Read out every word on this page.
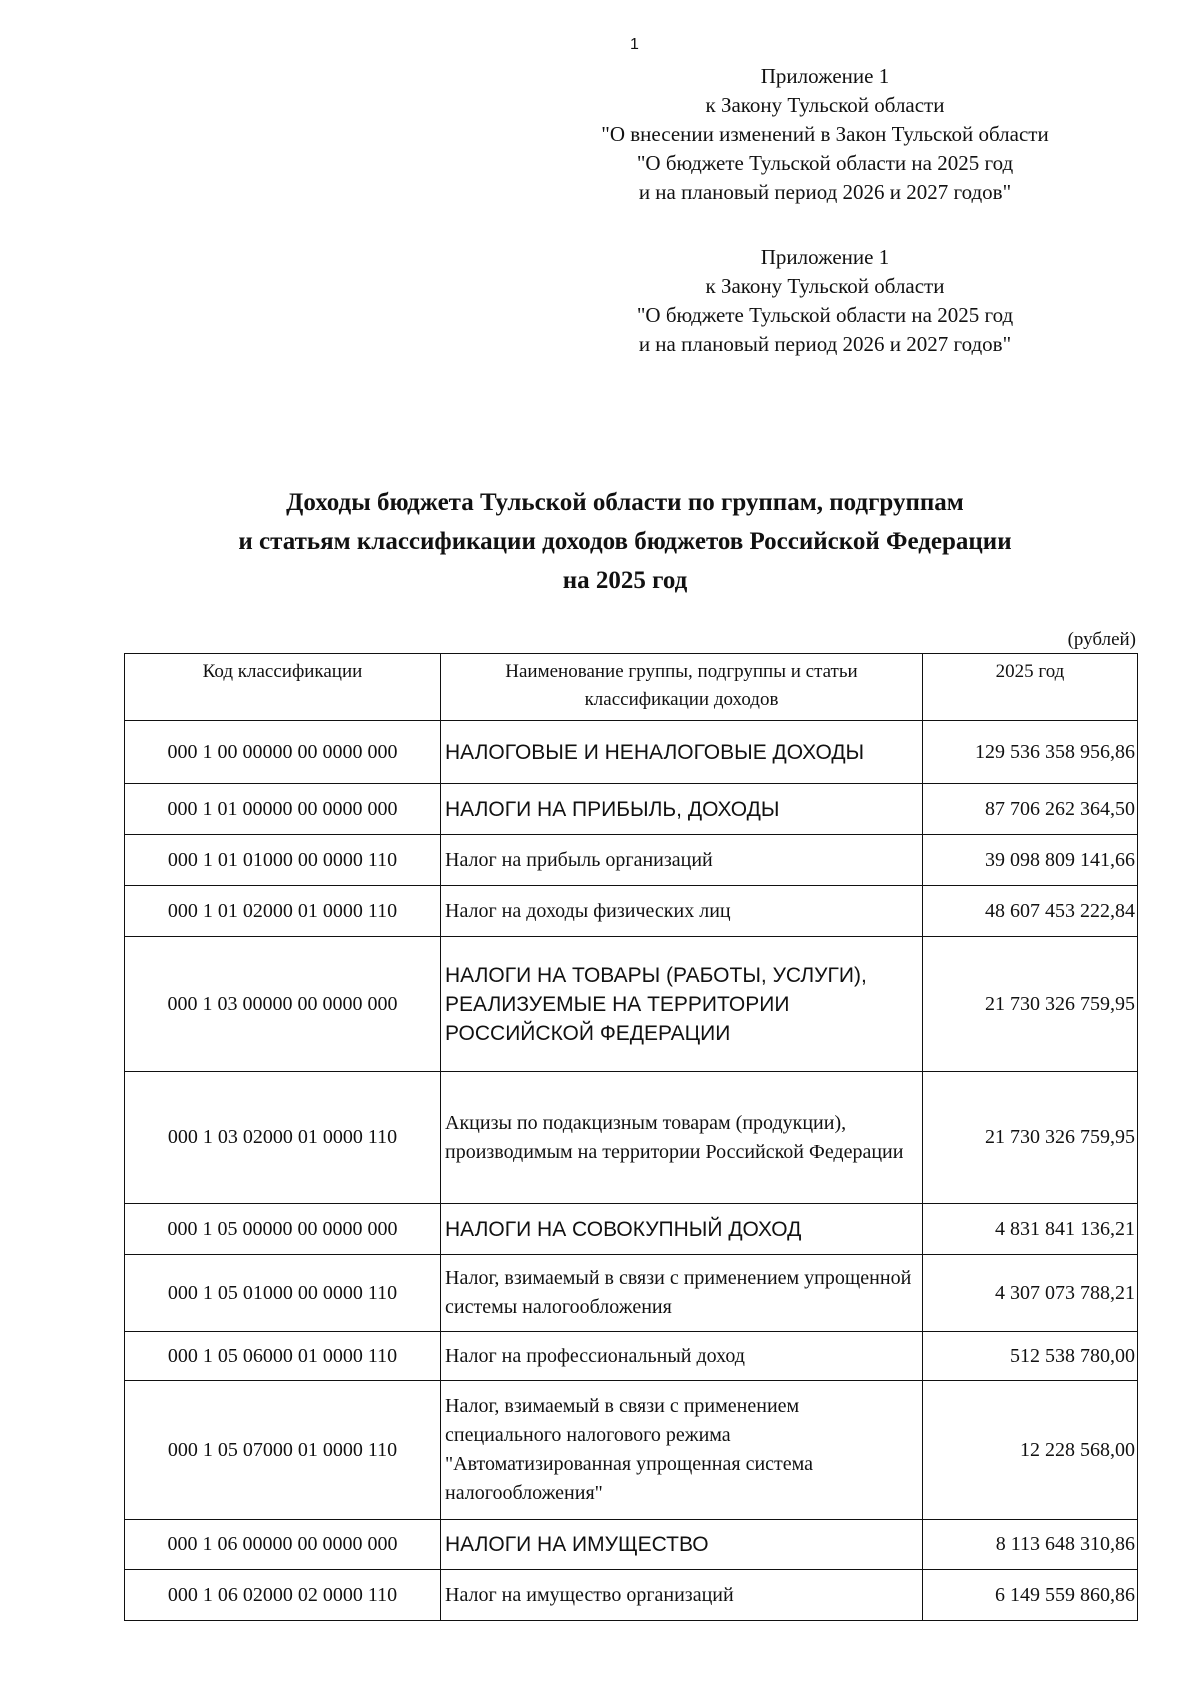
1
Приложение 1
к Закону Тульской области
"О внесении изменений в Закон Тульской области
"О бюджете Тульской области на 2025 год
и на плановый период 2026 и 2027 годов"
Приложение 1
к Закону Тульской области
"О бюджете Тульской области на 2025 год
и на плановый период 2026 и 2027 годов"
Доходы бюджета Тульской области по группам, подгруппам
и статьям классификации доходов бюджетов Российской Федерации
на 2025 год
(рублей)
Код классификации	Наименование группы, подгруппы и статьи классификации доходов	2025 год
000 1 00 00000 00 0000 000	НАЛОГОВЫЕ И НЕНАЛОГОВЫЕ ДОХОДЫ	129 536 358 956,86
000 1 01 00000 00 0000 000	НАЛОГИ НА ПРИБЫЛЬ, ДОХОДЫ	87 706 262 364,50
000 1 01 01000 00 0000 110	Налог на прибыль организаций	39 098 809 141,66
000 1 01 02000 01 0000 110	Налог на доходы физических лиц	48 607 453 222,84
000 1 03 00000 00 0000 000	НАЛОГИ НА ТОВАРЫ (РАБОТЫ, УСЛУГИ), РЕАЛИЗУЕМЫЕ НА ТЕРРИТОРИИ РОССИЙСКОЙ ФЕДЕРАЦИИ	21 730 326 759,95
000 1 03 02000 01 0000 110	Акцизы по подакцизным товарам (продукции), производимым на территории Российской Федерации	21 730 326 759,95
000 1 05 00000 00 0000 000	НАЛОГИ НА СОВОКУПНЫЙ ДОХОД	4 831 841 136,21
000 1 05 01000 00 0000 110	Налог, взимаемый в связи с применением упрощенной системы налогообложения	4 307 073 788,21
000 1 05 06000 01 0000 110	Налог на профессиональный доход	512 538 780,00
000 1 05 07000 01 0000 110	Налог, взимаемый в связи с применением специального налогового режима "Автоматизированная упрощенная система налогообложения"	12 228 568,00
000 1 06 00000 00 0000 000	НАЛОГИ НА ИМУЩЕСТВО	8 113 648 310,86
000 1 06 02000 02 0000 110	Налог на имущество организаций	6 149 559 860,86
